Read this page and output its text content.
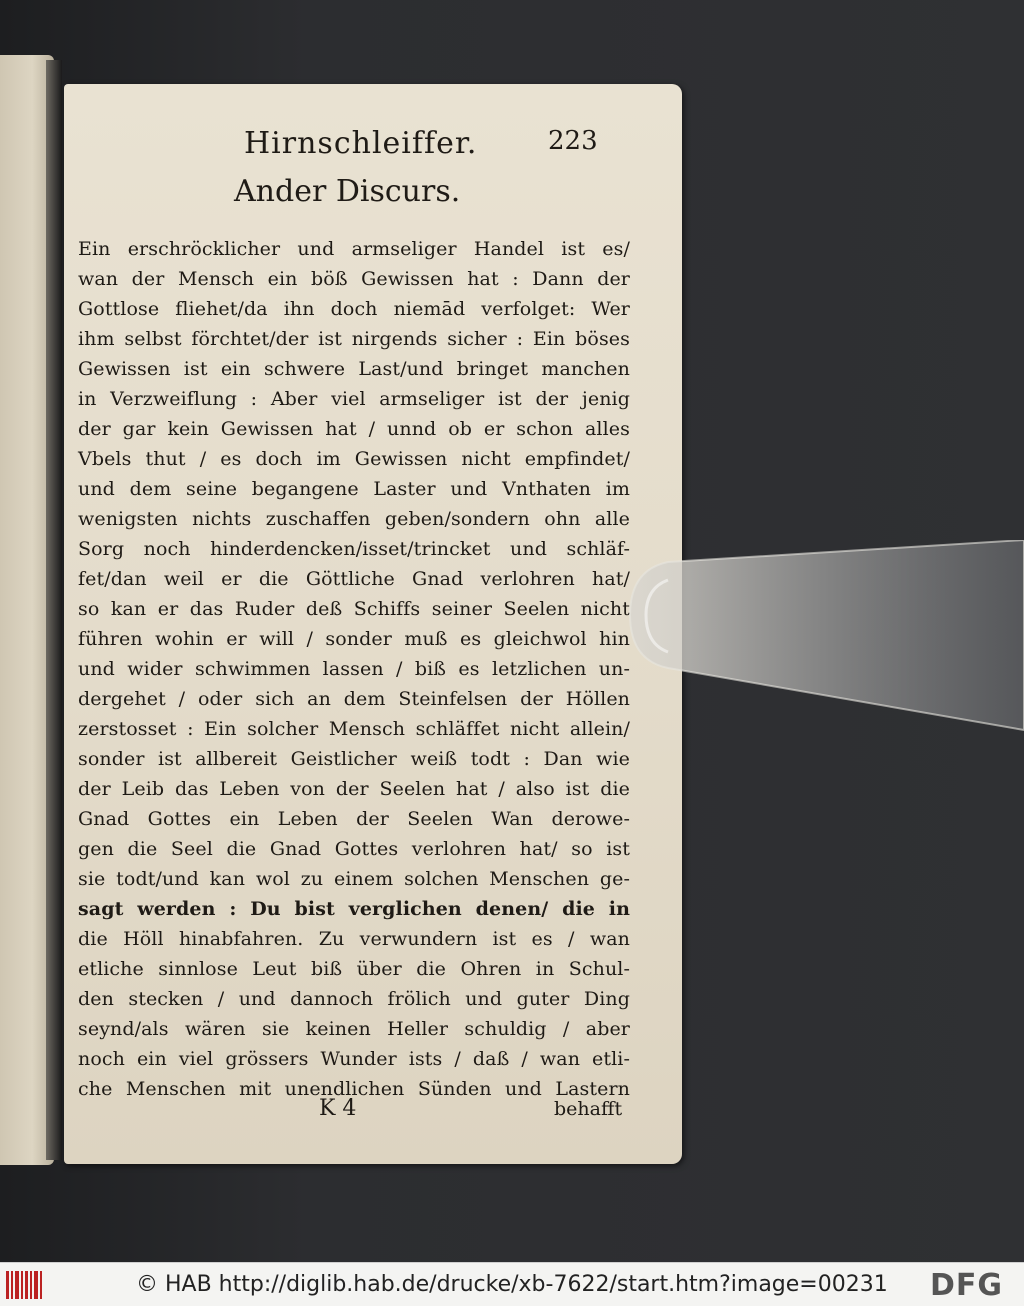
Hirnschleiffer.	223
Ander Discurs.
Ein erschröcklicher und armseliger Handel ist es/
wan der Mensch ein böß Gewissen hat : Dann der
Gottlose fliehet/da ihn doch niemād verfolget: Wer
ihm selbst förchtet/der ist nirgends sicher : Ein böses
Gewissen ist ein schwere Last/und bringet manchen
in Verzweiflung : Aber viel armseliger ist der jenig
der gar kein Gewissen hat / unnd ob er schon alles
Vbels thut / es doch im Gewissen nicht empfindet/
und dem seine begangene Laster und Vnthaten im
wenigsten nichts zuschaffen geben/sondern ohn alle
Sorg noch hinderdencken/isset/trincket und schläf-
fet/dan weil er die Göttliche Gnad verlohren hat/
so kan er das Ruder deß Schiffs seiner Seelen nicht
führen wohin er will / sonder muß es gleichwol hin
und wider schwimmen lassen / biß es letzlichen un-
dergehet / oder sich an dem Steinfelsen der Höllen
zerstosset : Ein solcher Mensch schläffet nicht allein/
sonder ist allbereit Geistlicher weiß todt : Dan wie
der Leib das Leben von der Seelen hat / also ist die
Gnad Gottes ein Leben der Seelen Wan derowe-
gen die Seel die Gnad Gottes verlohren hat/ so ist
sie todt/und kan wol zu einem solchen Menschen ge-
sagt werden : Du bist verglichen denen/ die in
die Höll hinabfahren. Zu verwundern ist es / wan
etliche sinnlose Leut biß über die Ohren in Schul-
den stecken / und dannoch frölich und guter Ding
seynd/als wären sie keinen Heller schuldig / aber
noch ein viel grössers Wunder ists / daß / wan etli-
che Menschen mit unendlichen Sünden und Lastern
K 4	behafft
© HAB http://diglib.hab.de/drucke/xb-7622/start.htm?image=00231 DFG
